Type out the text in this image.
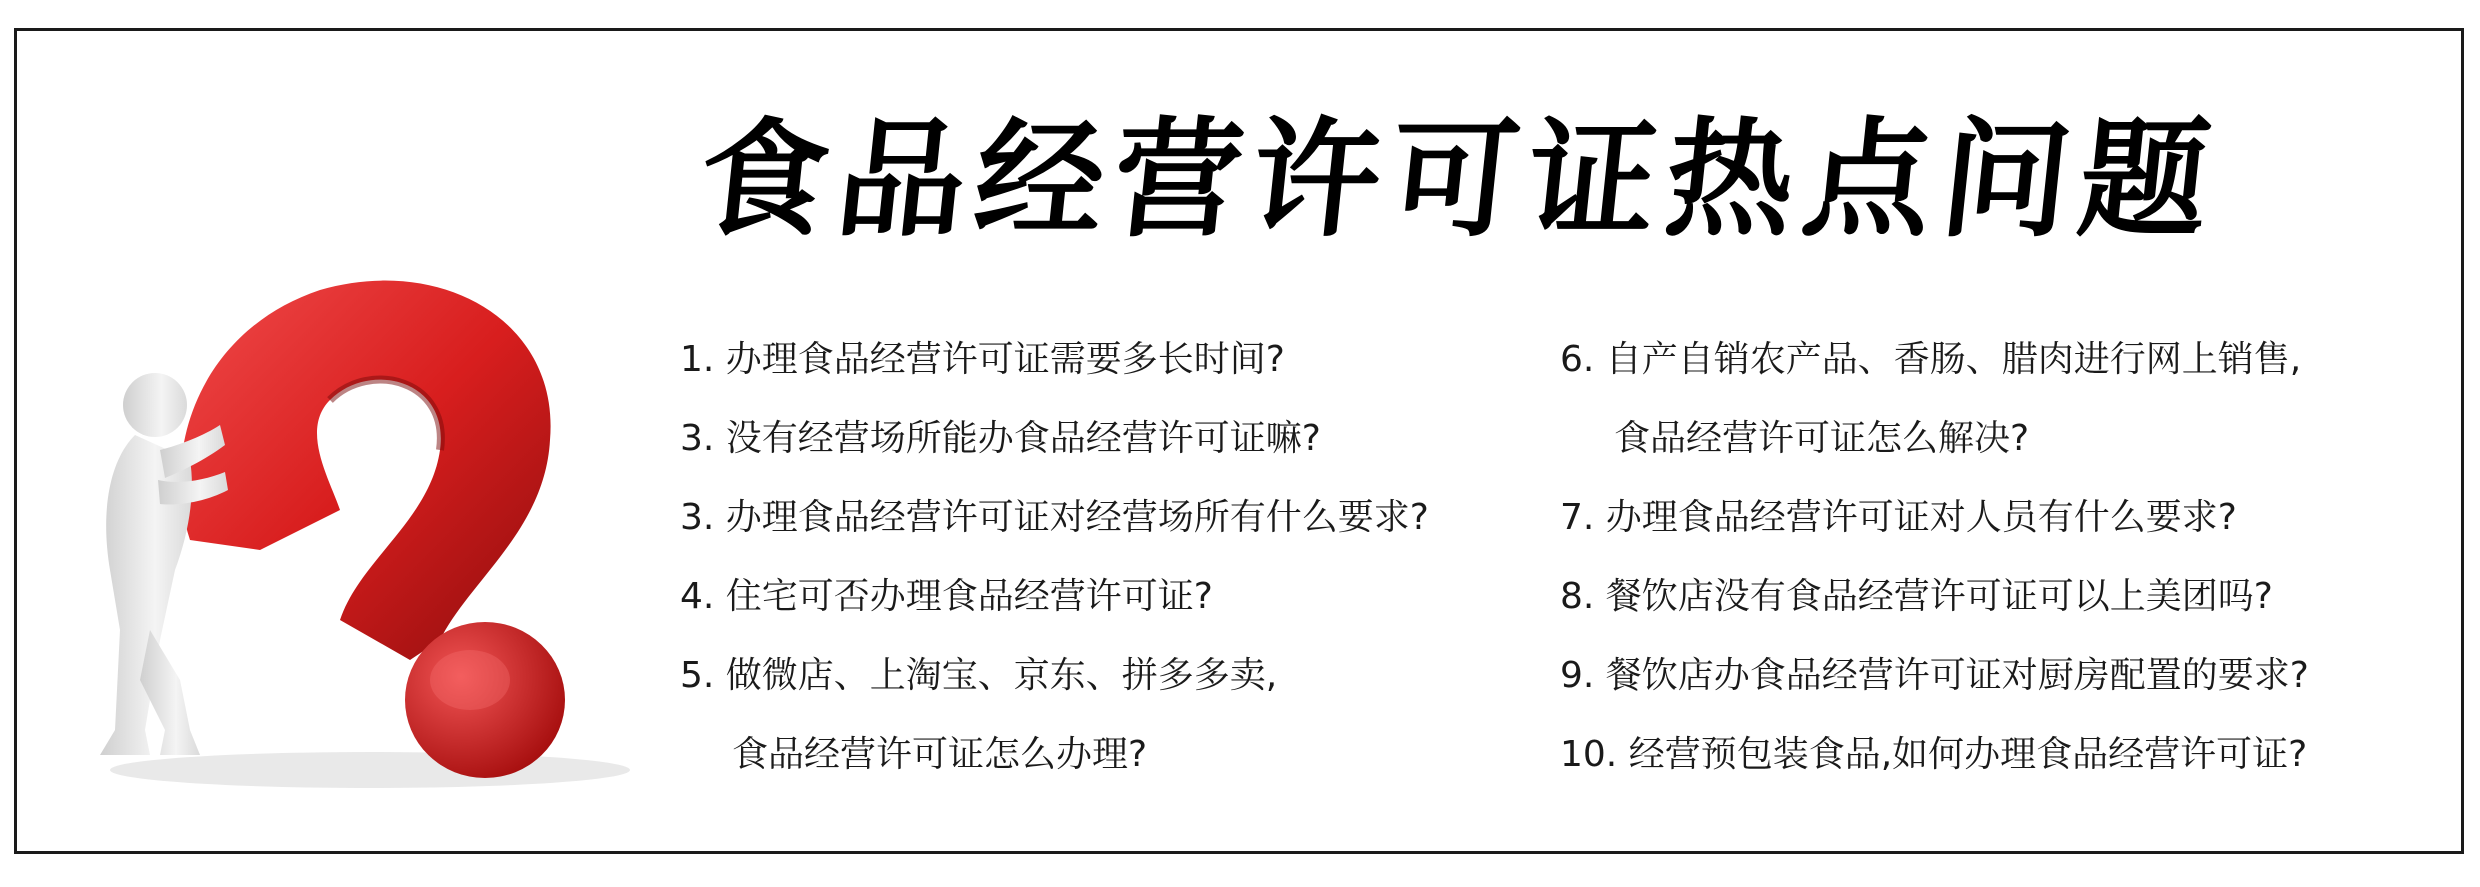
食品经营许可证热点问题
1. 办理食品经营许可证需要多长时间?
3. 没有经营场所能办食品经营许可证嘛?
3. 办理食品经营许可证对经营场所有什么要求?
4. 住宅可否办理食品经营许可证?
5. 做微店、上淘宝、京东、拼多多卖,
食品经营许可证怎么办理?
6. 自产自销农产品、香肠、腊肉进行网上销售,
食品经营许可证怎么解决?
7. 办理食品经营许可证对人员有什么要求?
8. 餐饮店没有食品经营许可证可以上美团吗?
9. 餐饮店办食品经营许可证对厨房配置的要求?
10. 经营预包装食品,如何办理食品经营许可证?
